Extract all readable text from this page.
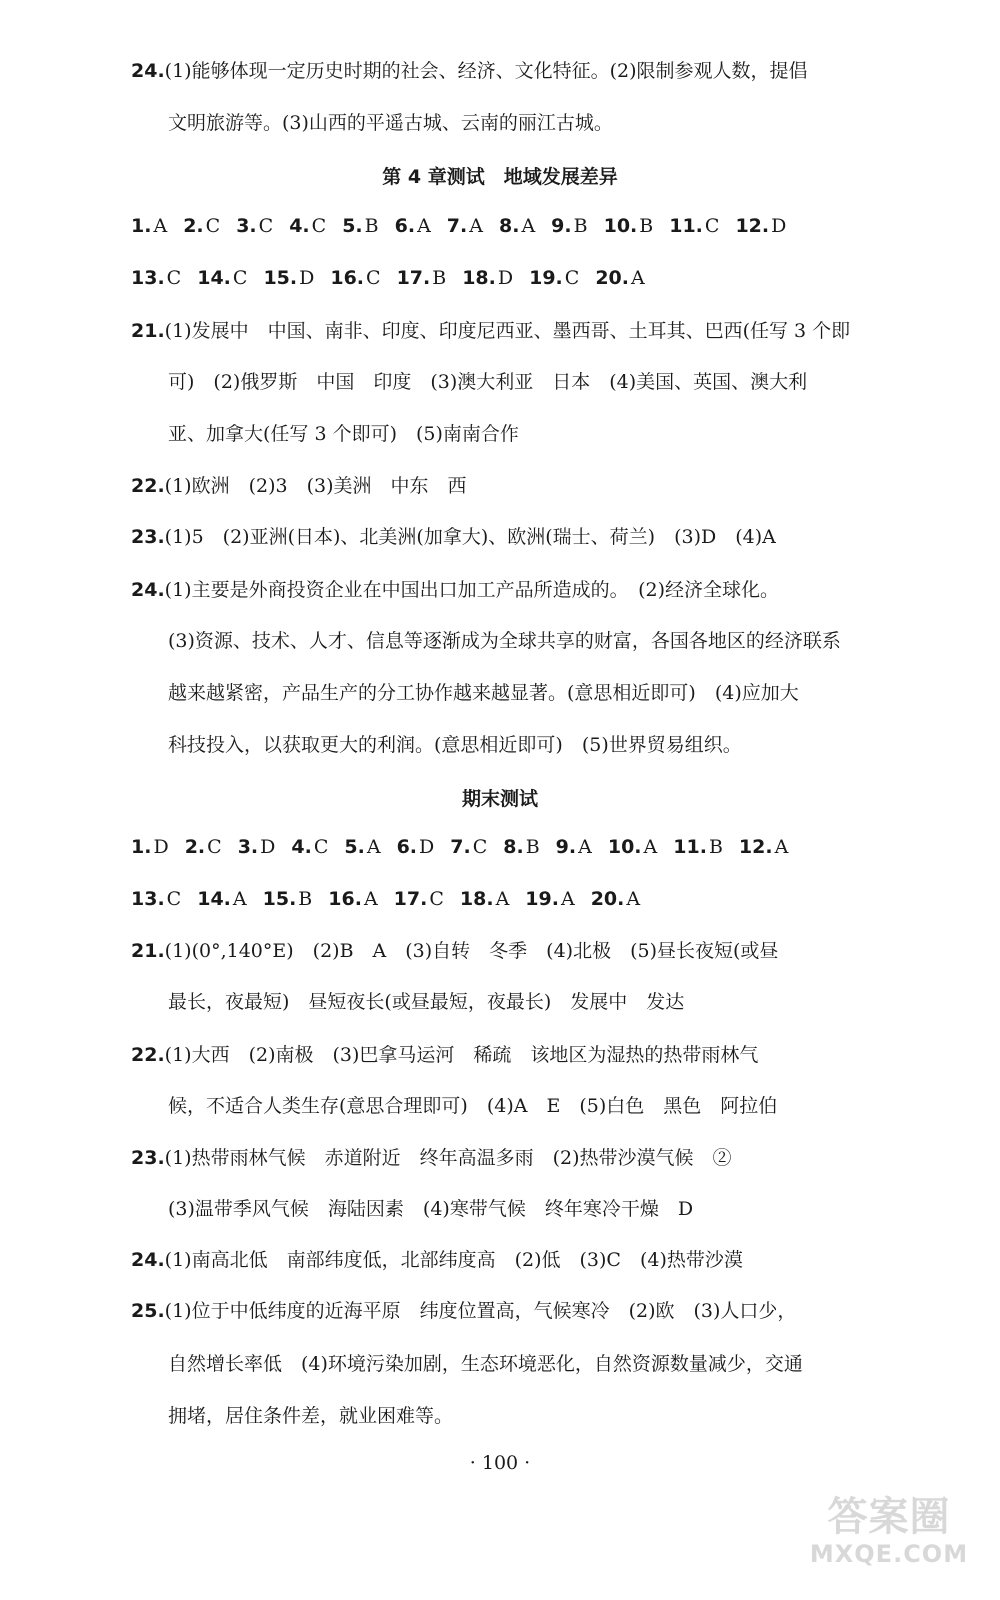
24.(1)能够体现一定历史时期的社会、经济、文化特征。(2)限制参观人数，提倡
文明旅游等。(3)山西的平遥古城、云南的丽江古城。
第 4 章测试　地域发展差异
1. A 2. C 3. C 4. C 5. B 6. A 7. A 8. A 9. B 10. B 11. C 12. D
13. C 14. C 15. D 16. C 17. B 18. D 19. C 20. A
21.(1)发展中　中国、南非、印度、印度尼西亚、墨西哥、土耳其、巴西(任写 3 个即
可)　(2)俄罗斯　中国　印度　(3)澳大利亚　日本　(4)美国、英国、澳大利
亚、加拿大(任写 3 个即可)　(5)南南合作
22.(1)欧洲　(2)3　(3)美洲　中东　西
23.(1)5　(2)亚洲(日本)、北美洲(加拿大)、欧洲(瑞士、荷兰)　(3)D　(4)A
24.(1)主要是外商投资企业在中国出口加工产品所造成的。　(2)经济全球化。
(3)资源、技术、人才、信息等逐渐成为全球共享的财富，各国各地区的经济联系
越来越紧密，产品生产的分工协作越来越显著。(意思相近即可)　(4)应加大
科技投入，以获取更大的利润。(意思相近即可)　(5)世界贸易组织。
期末测试
1. D 2. C 3. D 4. C 5. A 6. D 7. C 8. B 9. A 10. A 11. B 12. A
13. C 14. A 15. B 16. A 17. C 18. A 19. A 20. A
21.(1)(0°,140°E)　(2)B　A　(3)自转　冬季　(4)北极　(5)昼长夜短(或昼
最长，夜最短)　昼短夜长(或昼最短，夜最长)　发展中　发达
22.(1)大西　(2)南极　(3)巴拿马运河　稀疏　该地区为湿热的热带雨林气
候，不适合人类生存(意思合理即可)　(4)A　E　(5)白色　黑色　阿拉伯
23.(1)热带雨林气候　赤道附近　终年高温多雨　(2)热带沙漠气候　②
(3)温带季风气候　海陆因素　(4)寒带气候　终年寒冷干燥　D
24.(1)南高北低　南部纬度低，北部纬度高　(2)低　(3)C　(4)热带沙漠
25.(1)位于中低纬度的近海平原　纬度位置高，气候寒冷　(2)欧　(3)人口少，
自然增长率低　(4)环境污染加剧，生态环境恶化，自然资源数量减少，交通
拥堵，居住条件差，就业困难等。
· 100 ·
答案圈
MXQE.COM
